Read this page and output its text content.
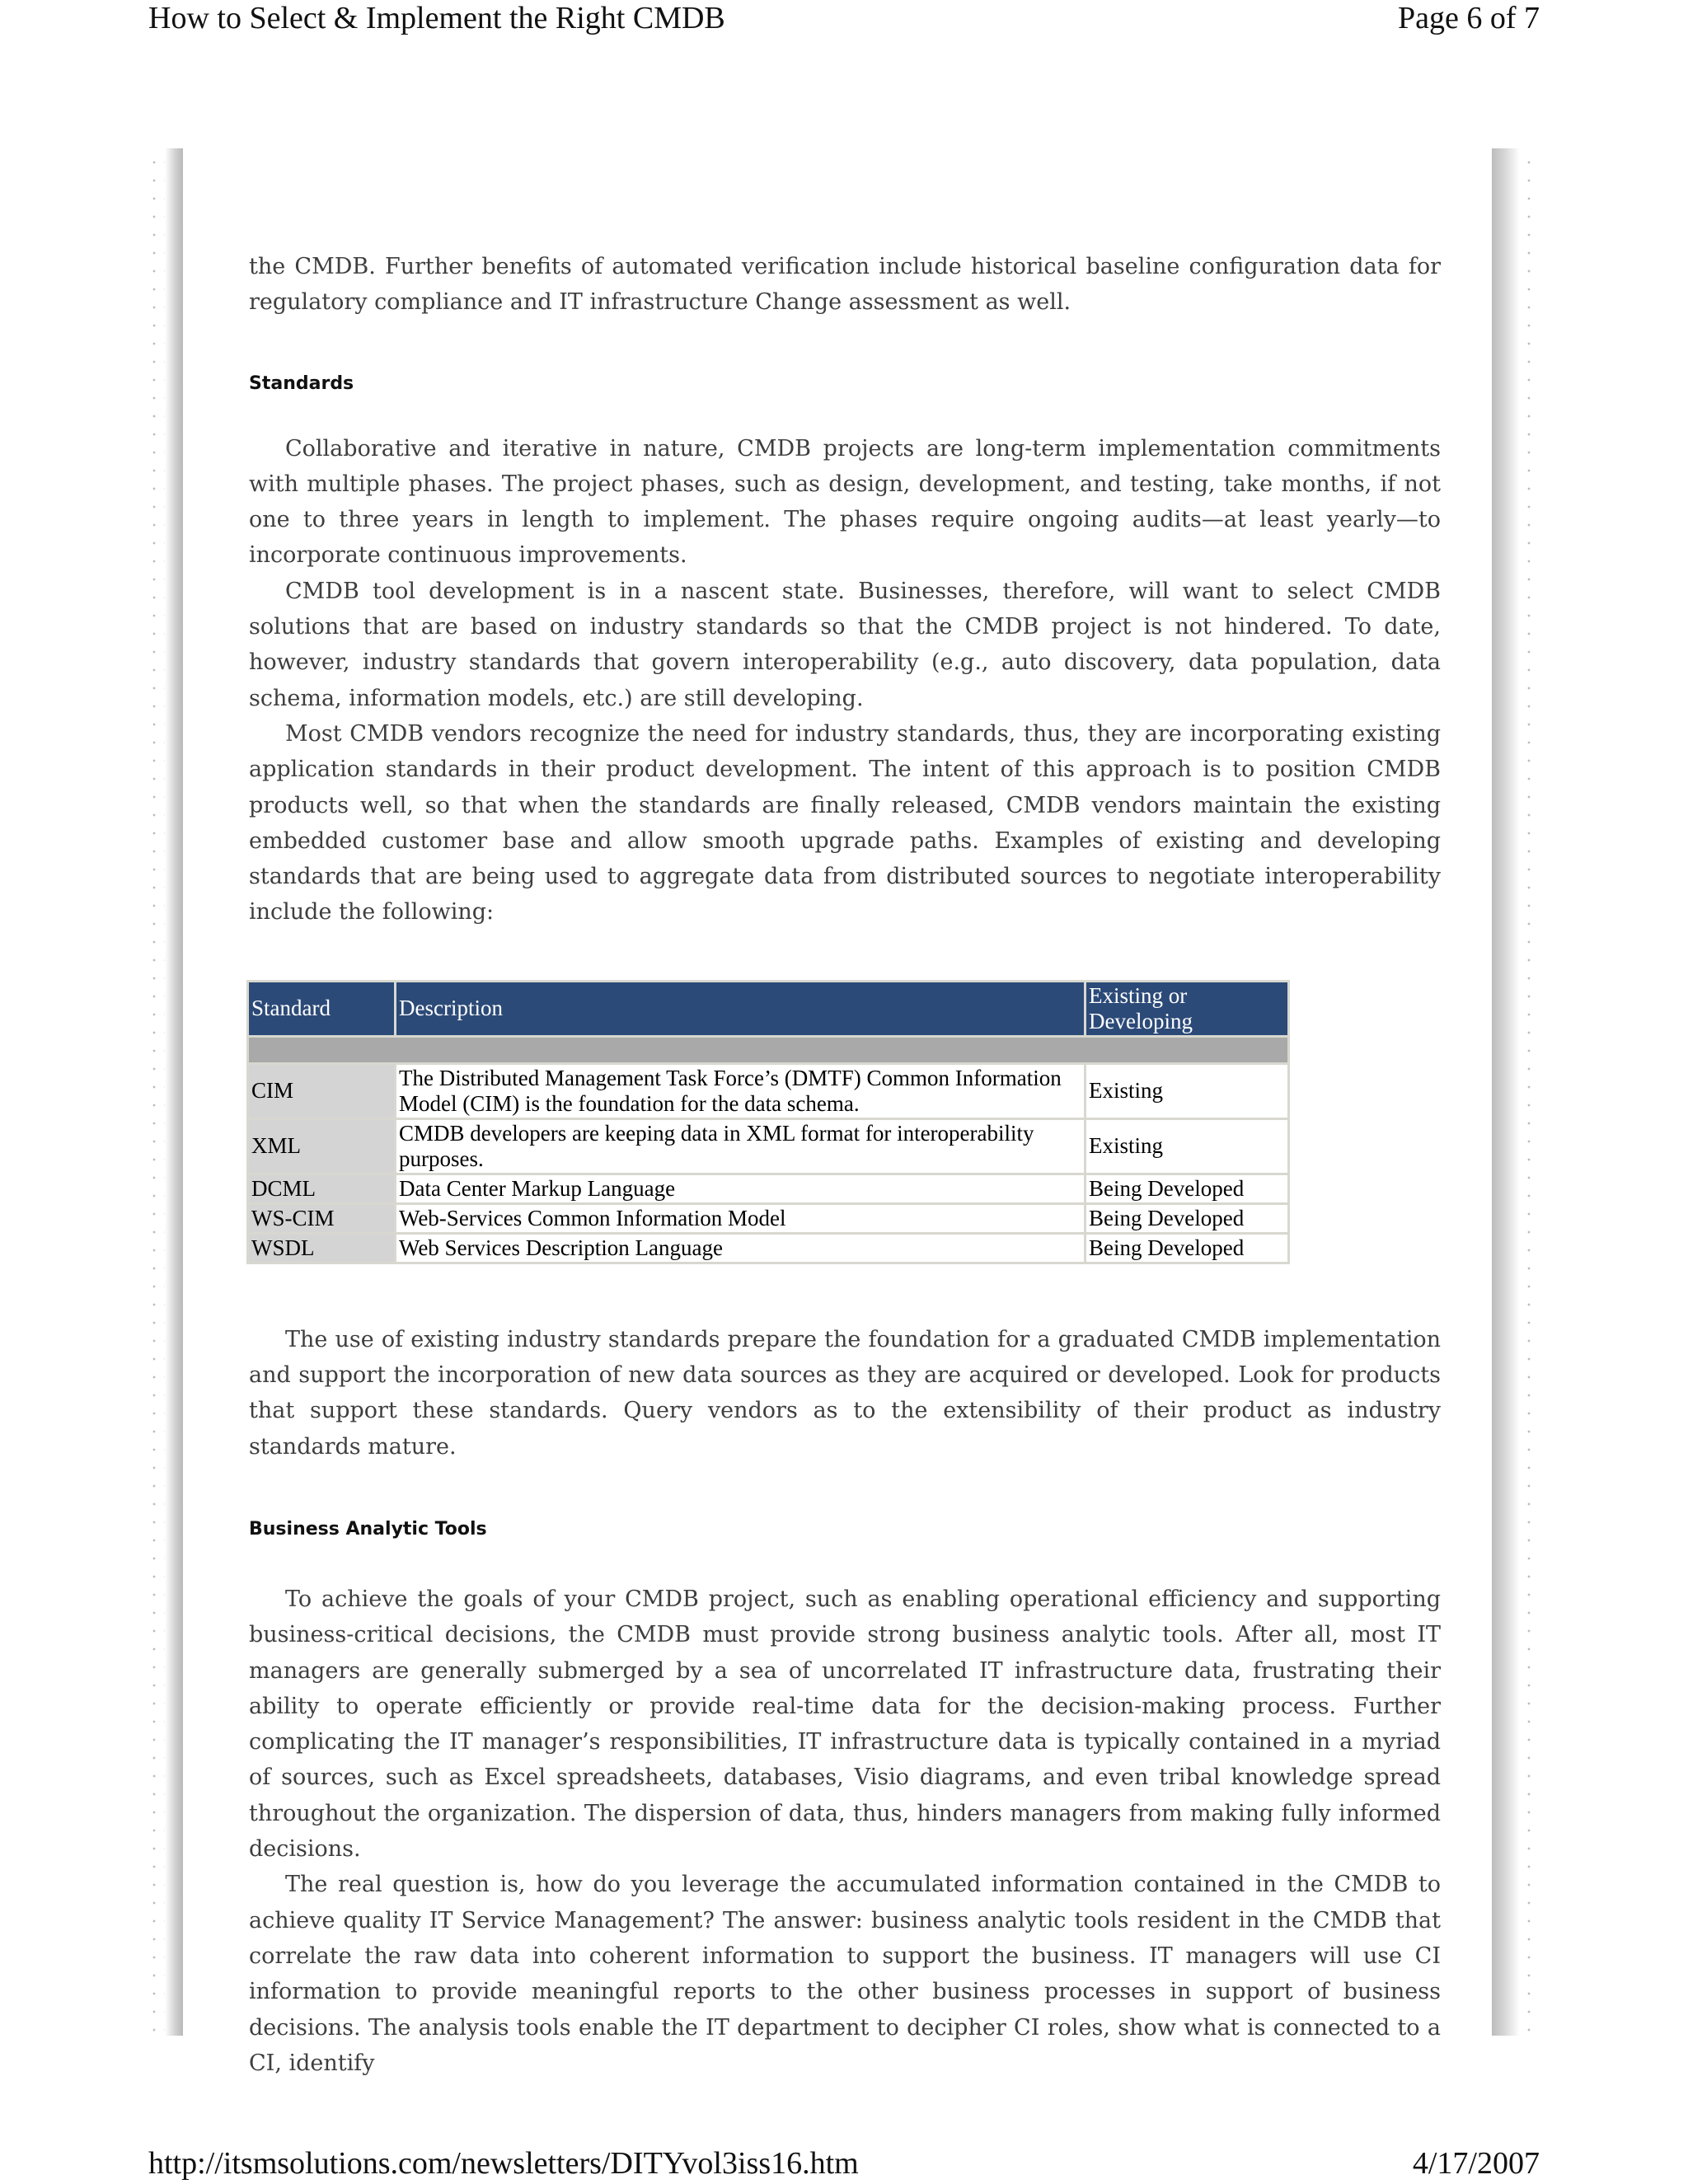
How to Select & Implement the Right CMDB	Page 6 of 7

the CMDB. Further benefits of automated verification include historical baseline configuration data for regulatory compliance and IT infrastructure Change assessment as well.

Standards

Collaborative and iterative in nature, CMDB projects are long-term implementation commitments with multiple phases. The project phases, such as design, development, and testing, take months, if not one to three years in length to implement. The phases require ongoing audits—at least yearly—to incorporate continuous improvements.

CMDB tool development is in a nascent state. Businesses, therefore, will want to select CMDB solutions that are based on industry standards so that the CMDB project is not hindered. To date, however, industry standards that govern interoperability (e.g., auto discovery, data population, data schema, information models, etc.) are still developing.

Most CMDB vendors recognize the need for industry standards, thus, they are incorporating existing application standards in their product development. The intent of this approach is to position CMDB products well, so that when the standards are finally released, CMDB vendors maintain the existing embedded customer base and allow smooth upgrade paths. Examples of existing and developing standards that are being used to aggregate data from distributed sources to negotiate interoperability include the following:

Standard	Description	Existing or Developing

CIM	The Distributed Management Task Force’s (DMTF) Common Information Model (CIM) is the foundation for the data schema.	Existing
XML	CMDB developers are keeping data in XML format for interoperability purposes.	Existing
DCML	Data Center Markup Language	Being Developed
WS-CIM	Web-Services Common Information Model	Being Developed
WSDL	Web Services Description Language	Being Developed

The use of existing industry standards prepare the foundation for a graduated CMDB implementation and support the incorporation of new data sources as they are acquired or developed. Look for products that support these standards. Query vendors as to the extensibility of their product as industry standards mature.

Business Analytic Tools

To achieve the goals of your CMDB project, such as enabling operational efficiency and supporting business-critical decisions, the CMDB must provide strong business analytic tools. After all, most IT managers are generally submerged by a sea of uncorrelated IT infrastructure data, frustrating their ability to operate efficiently or provide real-time data for the decision-making process. Further complicating the IT manager’s responsibilities, IT infrastructure data is typically contained in a myriad of sources, such as Excel spreadsheets, databases, Visio diagrams, and even tribal knowledge spread throughout the organization. The dispersion of data, thus, hinders managers from making fully informed decisions.

The real question is, how do you leverage the accumulated information contained in the CMDB to achieve quality IT Service Management? The answer: business analytic tools resident in the CMDB that correlate the raw data into coherent information to support the business. IT managers will use CI information to provide meaningful reports to the other business processes in support of business decisions. The analysis tools enable the IT department to decipher CI roles, show what is connected to a CI, identify

http://itsmsolutions.com/newsletters/DITYvol3iss16.htm	4/17/2007
